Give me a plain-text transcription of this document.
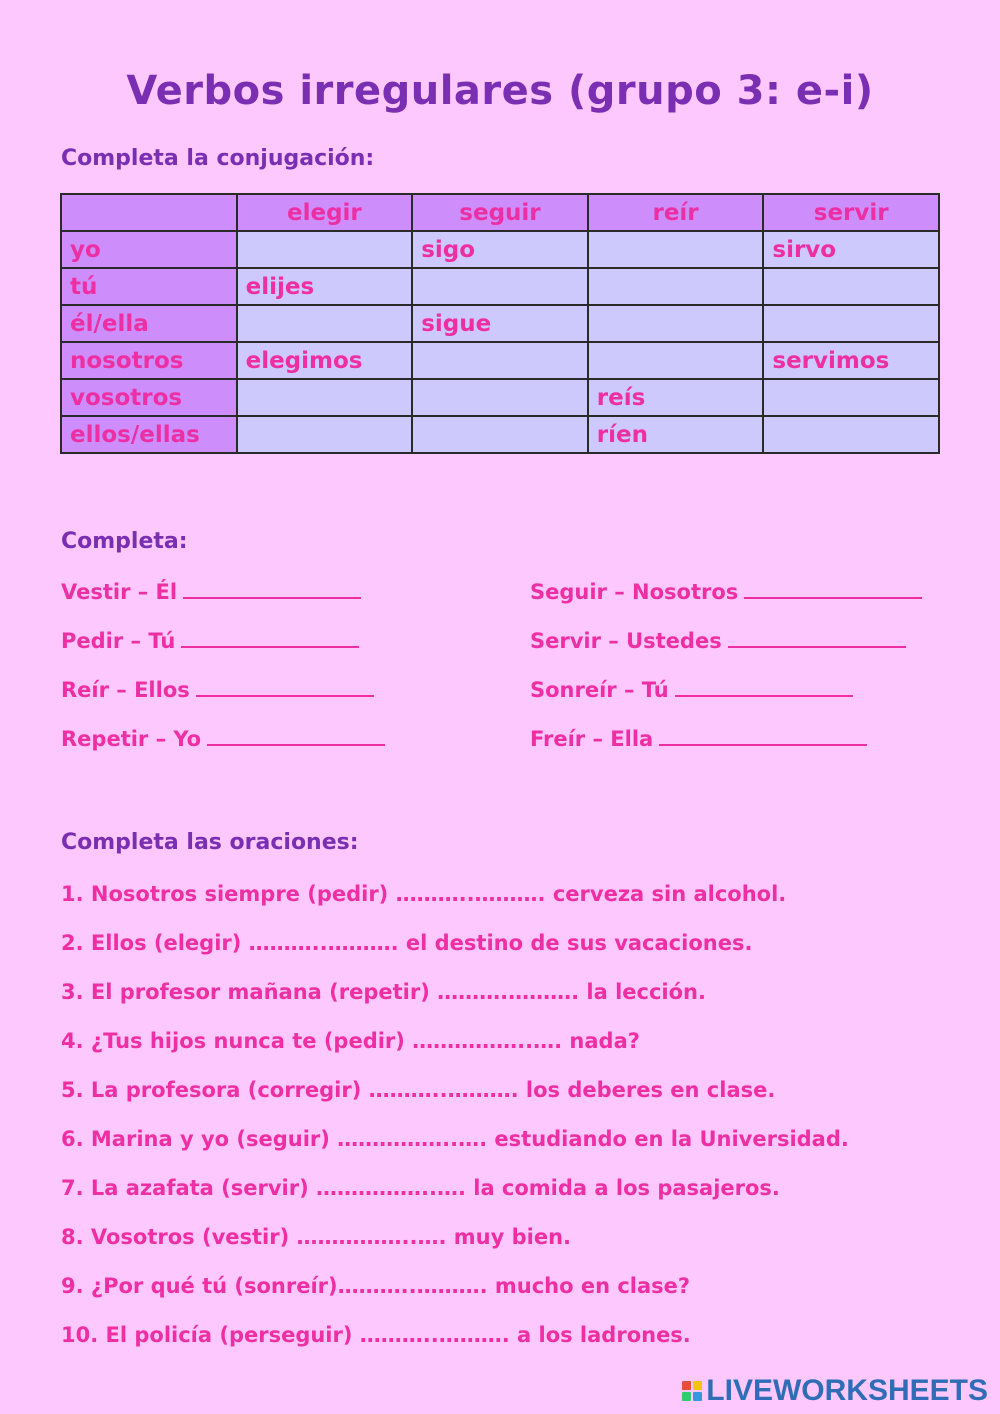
Verbos irregulares (grupo 3: e-i)
Completa la conjugación:
	elegir	seguir	reír	servir
yo		sigo		sirvo
tú	elijes			
él/ella		sigue		
nosotros	elegimos			servimos
vosotros			reís	
ellos/ellas			ríen	
Completa:
Vestir – Él
Pedir – Tú
Reír – Ellos
Repetir – Yo
Seguir – Nosotros
Servir – Ustedes
Sonreír – Tú
Freír – Ella
Completa las oraciones:
1. Nosotros siempre (pedir) ………..………. cerveza sin alcohol.
2. Ellos (elegir) ………..………. el destino de sus vacaciones.
3. El profesor mañana (repetir) ……….………. la lección.
4. ¿Tus hijos nunca te (pedir) ……………..…. nada?
5. La profesora (corregir) ………..………. los deberes en clase.
6. Marina y yo (seguir) ……………..…. estudiando en la Universidad.
7. La azafata (servir) ……………..…. la comida a los pasajeros.
8. Vosotros (vestir) ……………..…. muy bien.
9. ¿Por qué tú (sonreír)………..………. mucho en clase?
10. El policía (perseguir) ………..………. a los ladrones.
LIVEWORKSHEETS
